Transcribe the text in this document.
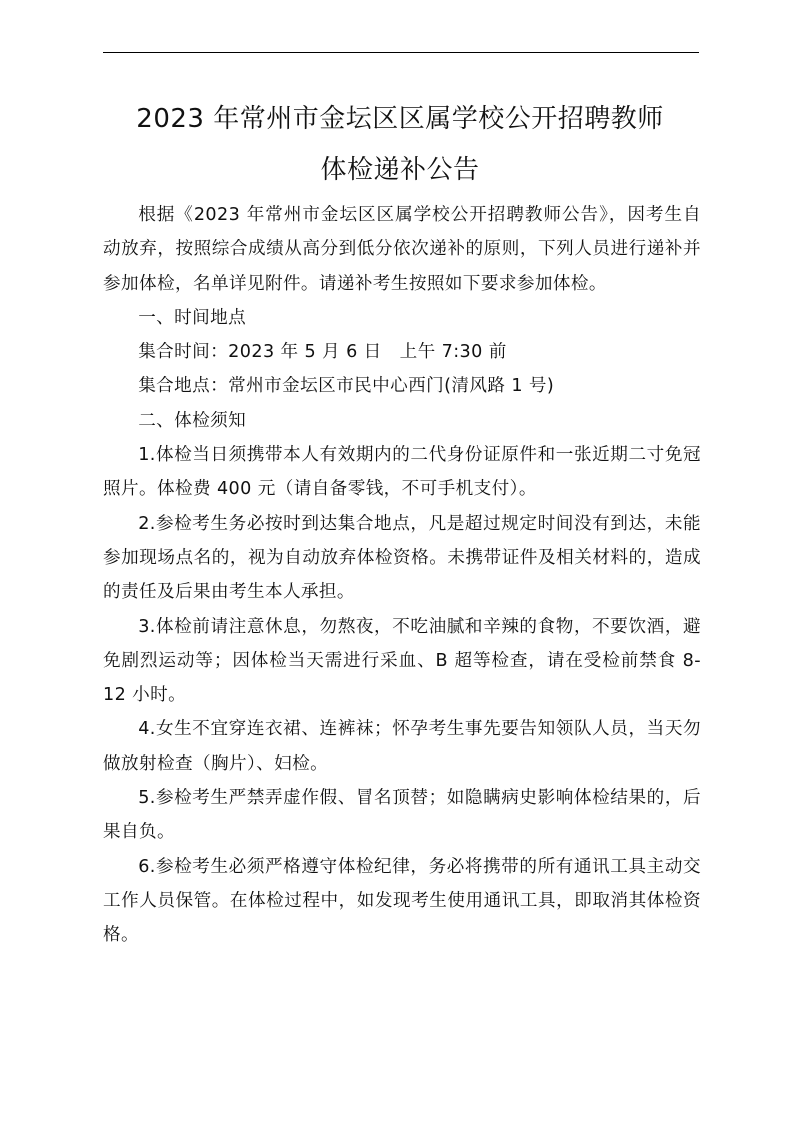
2023 年常州市金坛区区属学校公开招聘教师
体检递补公告

根据《2023 年常州市金坛区区属学校公开招聘教师公告》，因考生自动放弃，按照综合成绩从高分到低分依次递补的原则，下列人员进行递补并参加体检，名单详见附件。请递补考生按照如下要求参加体检。

一、时间地点

集合时间：2023 年 5 月 6 日　上午 7:30 前

集合地点：常州市金坛区市民中心西门(清风路 1 号)

二、体检须知

1.体检当日须携带本人有效期内的二代身份证原件和一张近期二寸免冠照片。体检费 400 元（请自备零钱，不可手机支付）。

2.参检考生务必按时到达集合地点，凡是超过规定时间没有到达，未能参加现场点名的，视为自动放弃体检资格。未携带证件及相关材料的，造成的责任及后果由考生本人承担。

3.体检前请注意休息，勿熬夜，不吃油腻和辛辣的食物，不要饮酒，避免剧烈运动等；因体检当天需进行采血、B 超等检查，请在受检前禁食 8-12 小时。

4.女生不宜穿连衣裙、连裤袜；怀孕考生事先要告知领队人员，当天勿做放射检查（胸片）、妇检。

5.参检考生严禁弄虚作假、冒名顶替；如隐瞒病史影响体检结果的，后果自负。

6.参检考生必须严格遵守体检纪律，务必将携带的所有通讯工具主动交工作人员保管。在体检过程中，如发现考生使用通讯工具，即取消其体检资格。
